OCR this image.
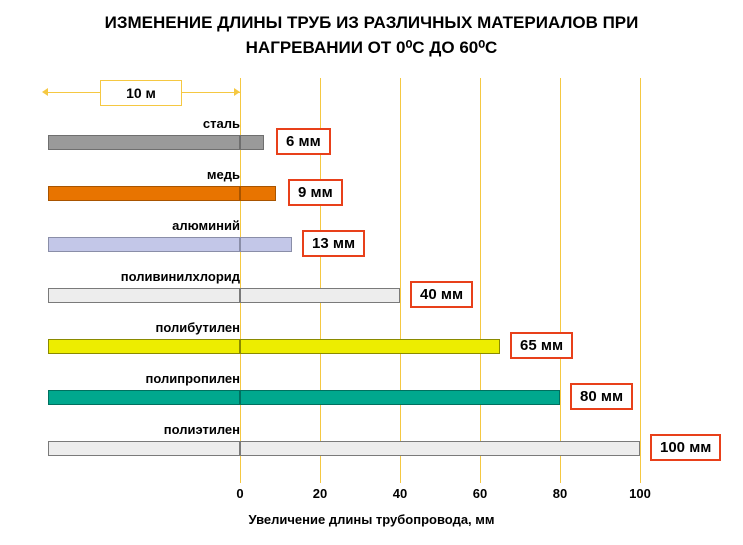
ИЗМЕНЕНИЕ ДЛИНЫ ТРУБ ИЗ РАЗЛИЧНЫХ МАТЕРИАЛОВ ПРИ
НАГРЕВАНИИ ОТ 0⁰С ДО 60⁰С
10 м
сталь
6 мм
медь
9 мм
алюминий
13 мм
поливинилхлорид
40 мм
полибутилен
65 мм
полипропилен
80 мм
полиэтилен
100 мм
0	20	40	60	80	100
Увеличение длины трубопровода, мм
